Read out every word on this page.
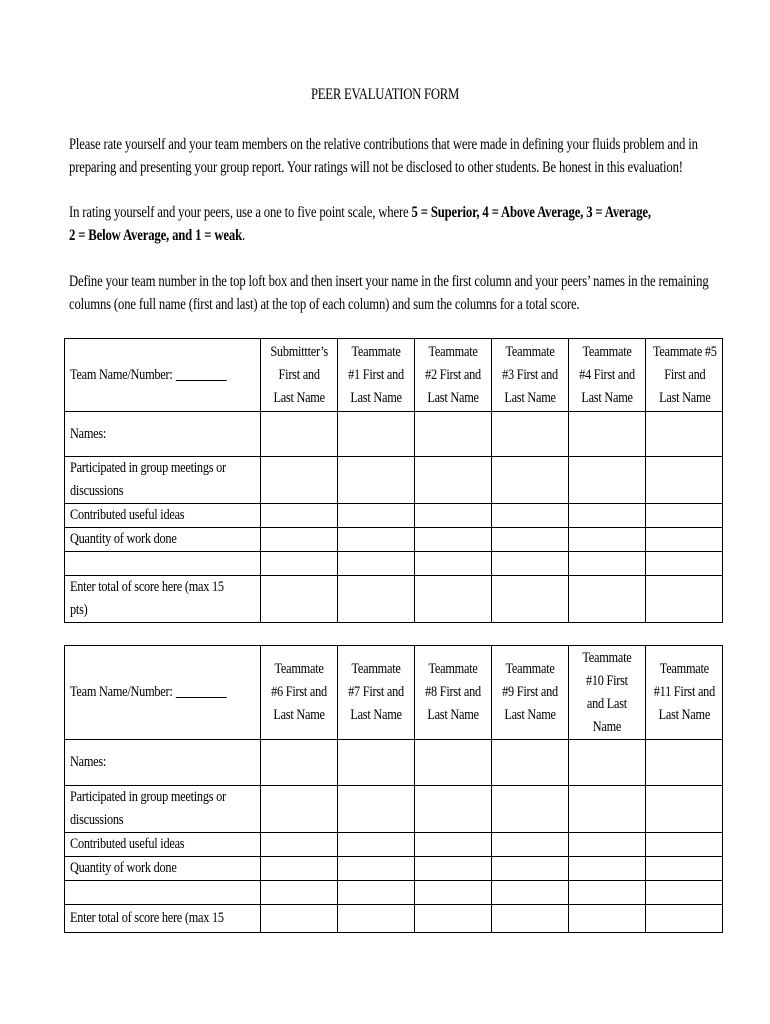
PEER EVALUATION FORM

Please rate yourself and your team members on the relative contributions that were made in defining your fluids problem and in

preparing and presenting your group report. Your ratings will not be disclosed to other students. Be honest in this evaluation!

In rating yourself and your peers, use a one to five point scale, where 5 = Superior, 4 = Above Average, 3 = Average,

2 = Below Average, and 1 = weak.

Define your team number in the top loft box and then insert your name in the first column and your peers’ names in the remaining

columns (one full name (first and last) at the top of each column) and sum the columns for a total score.

Team Name/Number:	Submittter’s
First and
Last Name	Teammate
#1 First and
Last Name	Teammate
#2 First and
Last Name	Teammate
#3 First and
Last Name	Teammate
#4 First and
Last Name	Teammate #5
First and
Last Name
Names:						
Participated in group meetings or
discussions						
Contributed useful ideas						
Quantity of work done						

Enter total of score here (max 15
pts)						
Team Name/Number:	Teammate
#6 First and
Last Name	Teammate
#7 First and
Last Name	Teammate
#8 First and
Last Name	Teammate
#9 First and
Last Name	Teammate
#10 First
and Last
Name	Teammate
#11 First and
Last Name
Names:						
Participated in group meetings or
discussions						
Contributed useful ideas						
Quantity of work done						

Enter total of score here (max 15						
